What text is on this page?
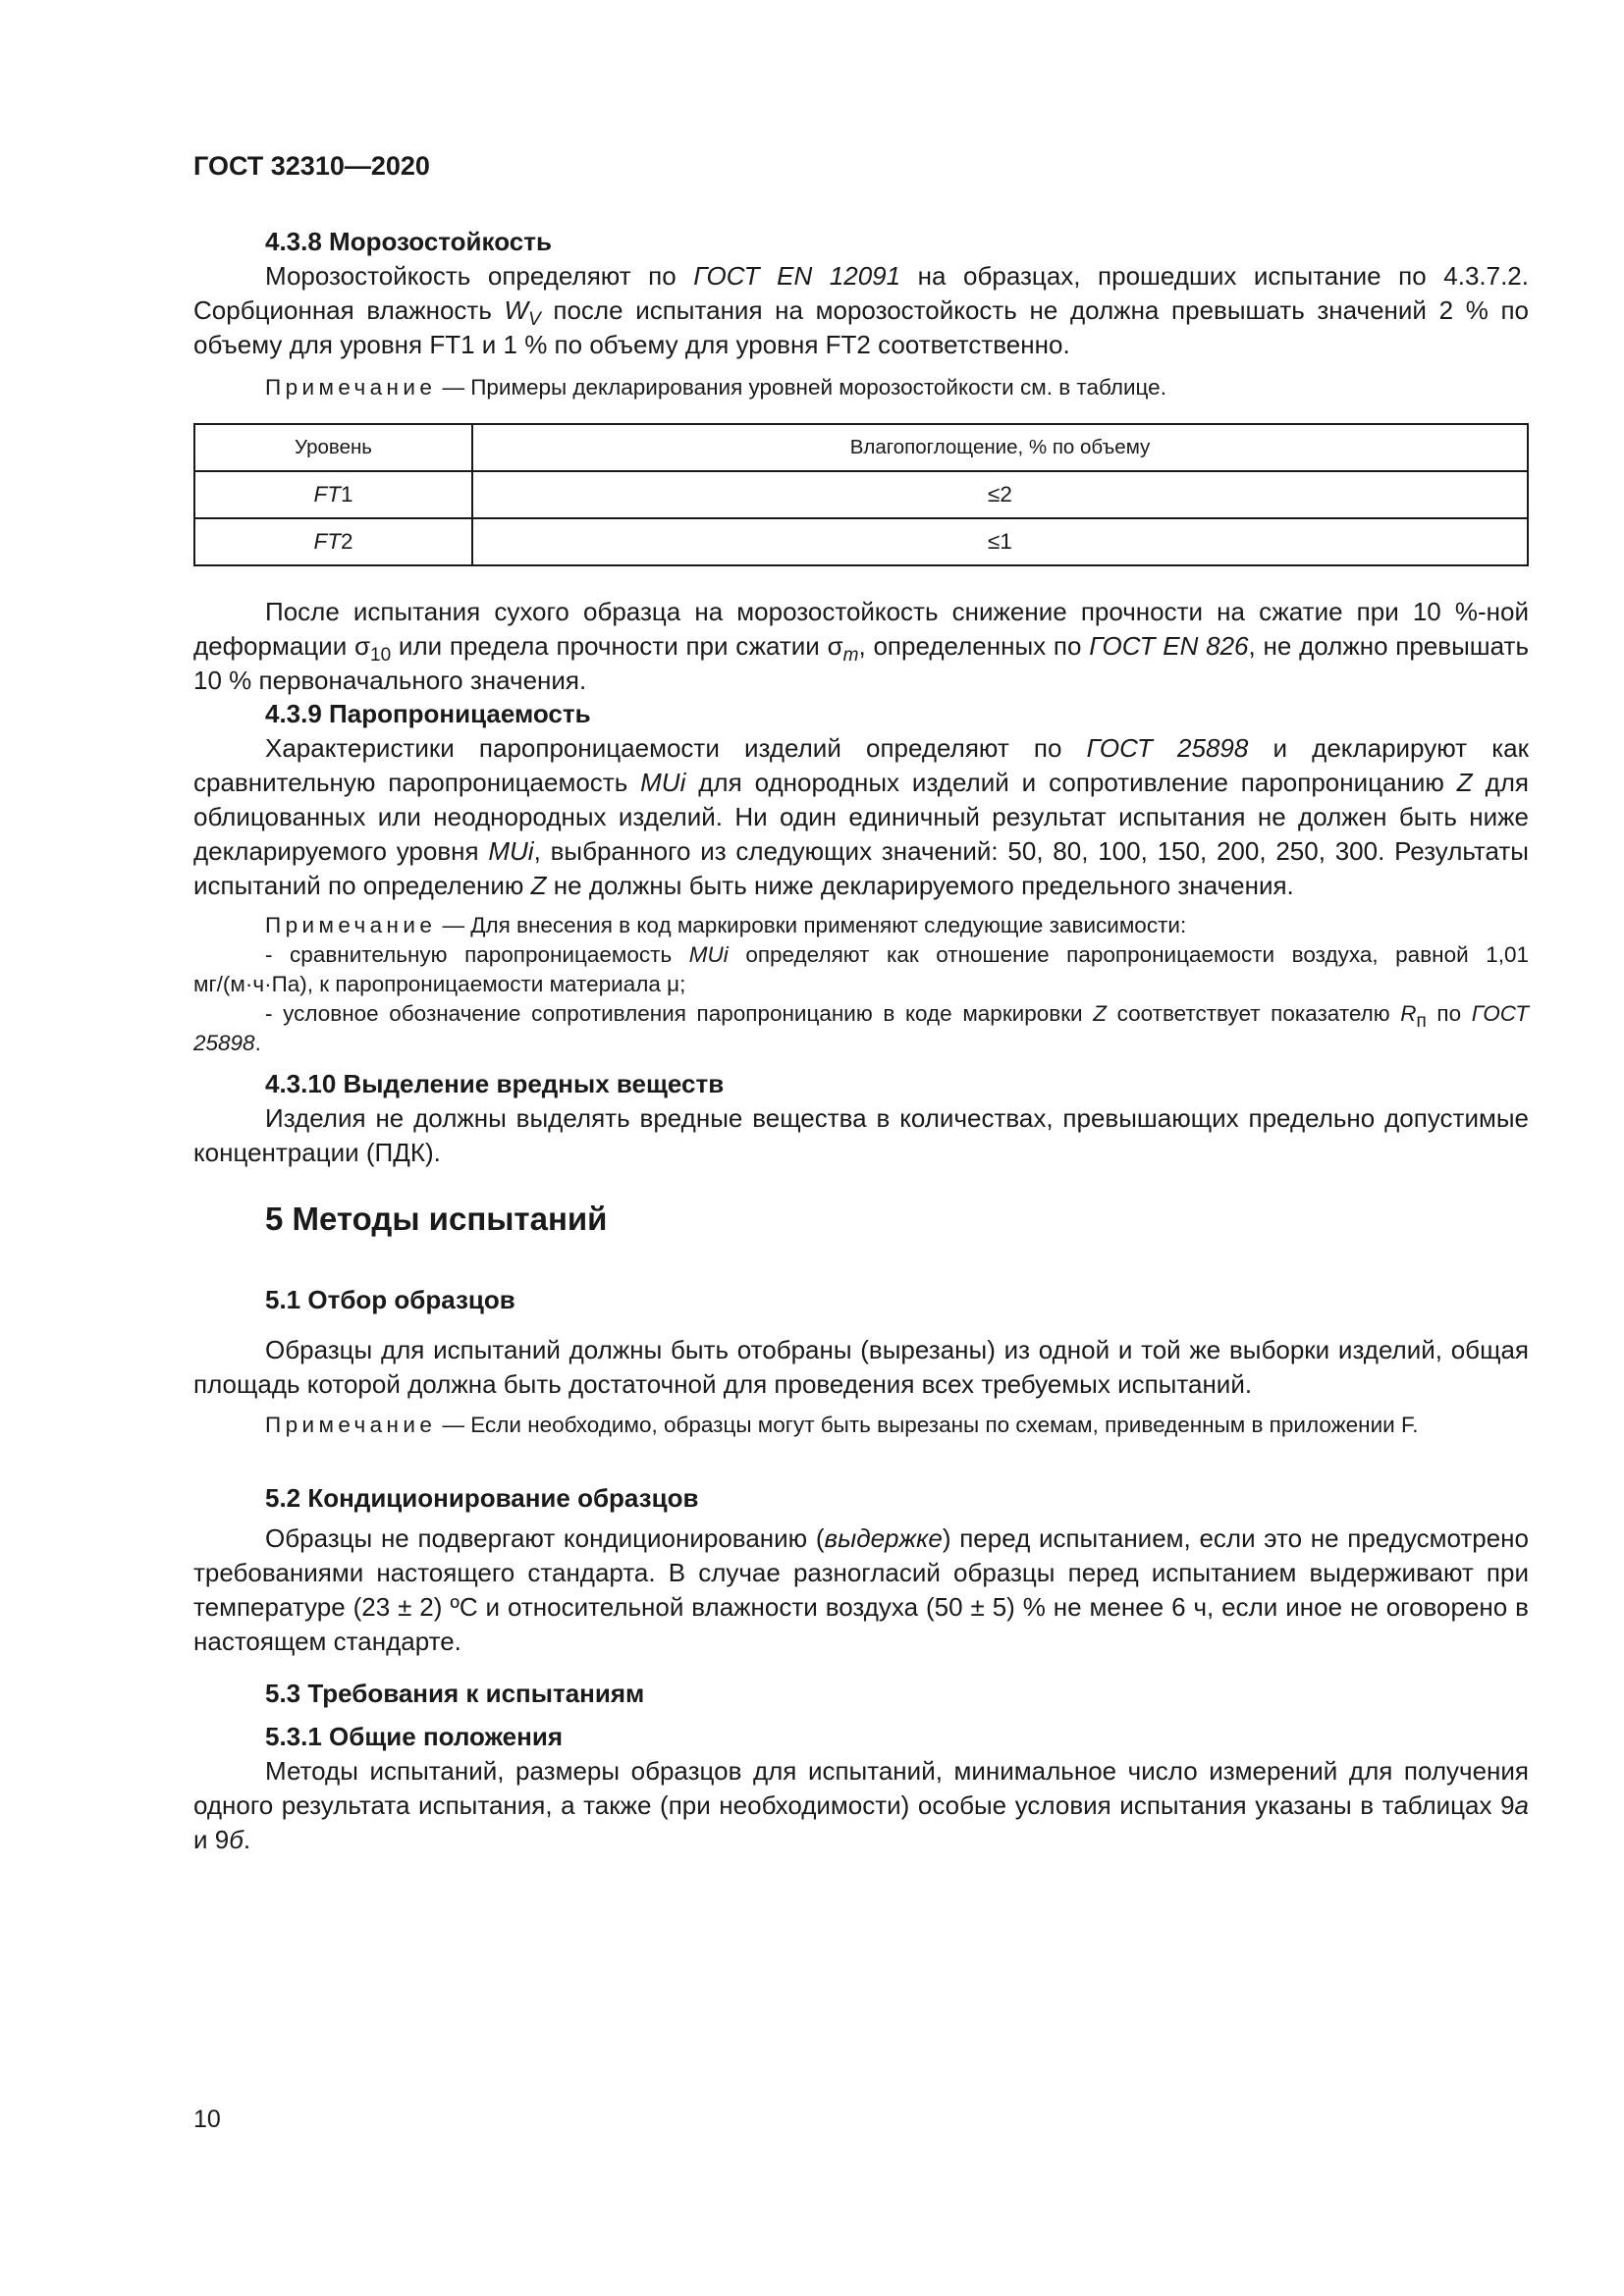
ГОСТ 32310—2020
4.3.8 Морозостойкость

Морозостойкость определяют по ГОСТ EN 12091 на образцах, прошедших испытание по 4.3.7.2. Сорбционная влажность $W_V$ после испытания на морозостойкость не должна превышать значений 2 % по объему для уровня FT1 и 1 % по объему для уровня FT2 соответственно.

Примечание — Примеры декларирования уровней морозостойкости см. в таблице.

Уровень	Влагопоглощение, % по объему
FT1	≤2
FT2	≤1

После испытания сухого образца на морозостойкость снижение прочности на сжатие при 10 %-ной деформации $\sigma_{10}$ или предела прочности при сжатии $\sigma_m$, определенных по ГОСТ EN 826, не должно превышать 10 % первоначального значения.

4.3.9 Паропроницаемость

Характеристики паропроницаемости изделий определяют по ГОСТ 25898 и декларируют как сравнительную паропроницаемость MUi для однородных изделий и сопротивление паропроницанию Z для облицованных или неоднородных изделий. Ни один единичный результат испытания не должен быть ниже декларируемого уровня MUi, выбранного из следующих значений: 50, 80, 100, 150, 200, 250, 300. Результаты испытаний по определению Z не должны быть ниже декларируемого предельного значения.

Примечание — Для внесения в код маркировки применяют следующие зависимости:

- сравнительную паропроницаемость MUi определяют как отношение паропроницаемости воздуха, равной 1,01 мг/(м·ч·Па), к паропроницаемости материала μ;

- условное обозначение сопротивления паропроницанию в коде маркировки Z соответствует показателю $R_п$ по ГОСТ 25898.

4.3.10 Выделение вредных веществ

Изделия не должны выделять вредные вещества в количествах, превышающих предельно допустимые концентрации (ПДК).

5 Методы испытаний
5.1 Отбор образцов

Образцы для испытаний должны быть отобраны (вырезаны) из одной и той же выборки изделий, общая площадь которой должна быть достаточной для проведения всех требуемых испытаний.

Примечание — Если необходимо, образцы могут быть вырезаны по схемам, приведенным в приложении F.

5.2 Кондиционирование образцов

Образцы не подвергают кондиционированию (выдержке) перед испытанием, если это не предусмотрено требованиями настоящего стандарта. В случае разногласий образцы перед испытанием выдерживают при температуре (23 ± 2) ºС и относительной влажности воздуха (50 ± 5) % не менее 6 ч, если иное не оговорено в настоящем стандарте.

5.3 Требования к испытаниям
5.3.1 Общие положения

Методы испытаний, размеры образцов для испытаний, минимальное число измерений для получения одного результата испытания, а также (при необходимости) особые условия испытания указаны в таблицах 9а и 9б.

10
